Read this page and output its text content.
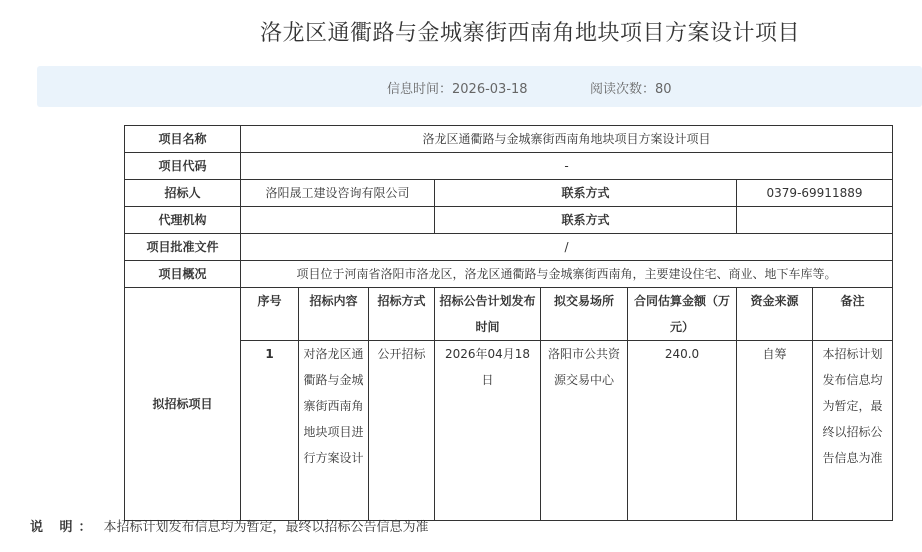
洛龙区通衢路与金城寨街西南角地块项目方案设计项目
信息时间：2026-03-18	阅读次数：80
项目名称	洛龙区通衢路与金城寨街西南角地块项目方案设计项目							
项目代码	-							
招标人	洛阳晟工建设咨询有限公司			联系方式			0379-69911889	
代理机构				联系方式				
项目批准文件	/							
项目概况	项目位于河南省洛阳市洛龙区，洛龙区通衢路与金城寨街西南角，主要建设住宅、商业、地下车库等。							
拟招标项目	序号	招标内容	招标方式	招标公告计划发布时间	拟交易场所	合同估算金额（万元）	资金来源	备注
	1	对洛龙区通衢路与金城寨街西南角地块项目进行方案设计	公开招标	2026年04月18日	洛阳市公共资源交易中心	240.0	自筹	本招标计划发布信息均为暂定，最终以招标公告信息为准
说 明： 本招标计划发布信息均为暂定，最终以招标公告信息为准
